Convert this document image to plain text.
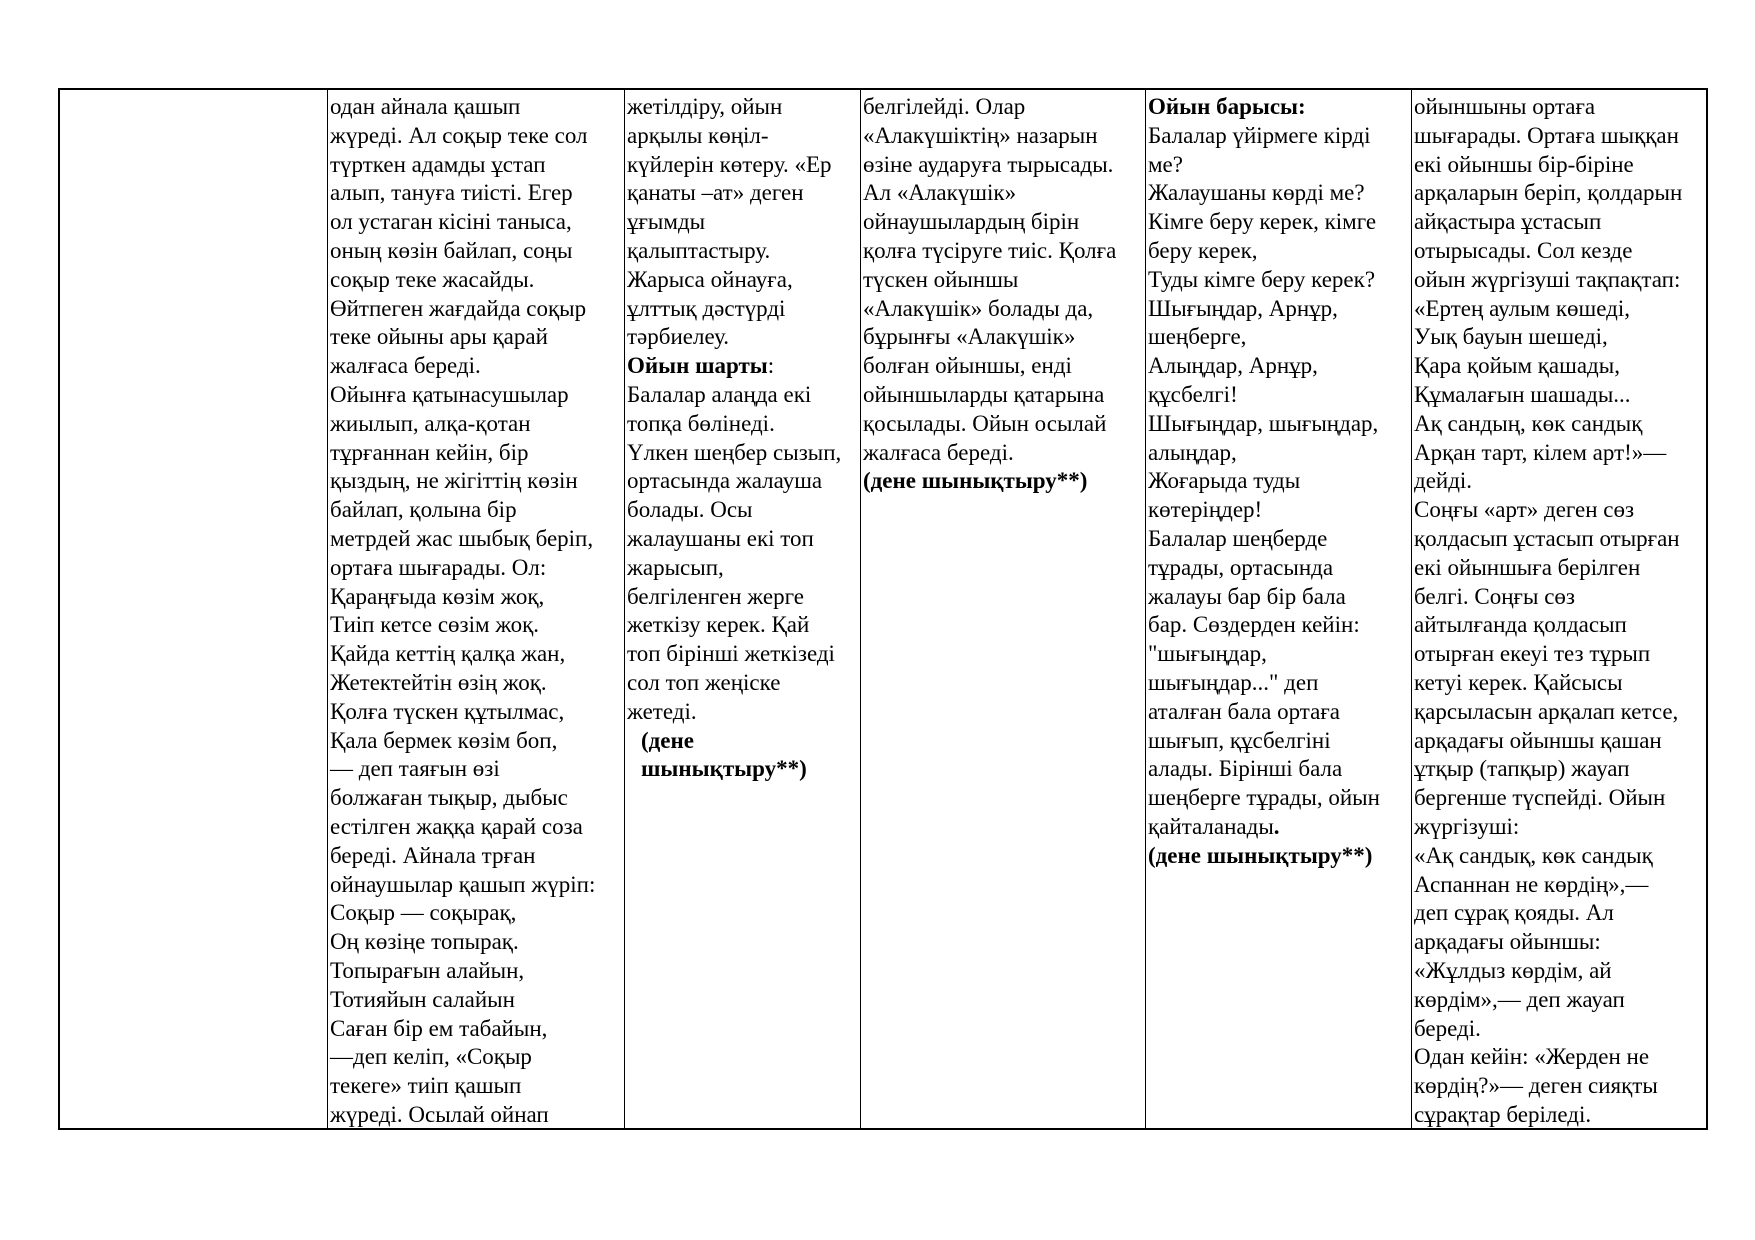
одан айнала қашып
жүреді. Ал соқыр теке сол
түрткен адамды ұстап
алып, тануға тиісті. Егер
ол устаган кісіні таныса,
оның көзін байлап, соңы
соқыр теке жасайды.
Өйтпеген жағдайда соқыр
теке ойыны ары қарай
жалғаса береді.
Ойынға қатынасушылар
жиылып, алқа-қотан
тұрғаннан кейін, бір
қыздың, не жігіттің көзін
байлап, қолына бір
метрдей жас шыбық беріп,
ортаға шығарады. Ол:
Қараңғыда көзім жоқ,
Тиіп кетсе сөзім жоқ.
Қайда кеттің қалқа жан,
Жетектейтін өзің жоқ.
Қолға түскен құтылмас,
Қала бермек көзім боп,
— деп таяғын өзі
болжаған тықыр, дыбыс
естілген жаққа қарай соза
береді. Айнала трған
ойнаушылар қашып жүріп:
Соқыр — соқырақ,
Оң көзіңе топырақ.
Топырағын алайын,
Тотияйын салайын
Саған бір ем табайын,
—деп келіп, «Соқыр
текеге» тиіп қашып
жүреді. Осылай ойнап
жетілдіру, ойын
арқылы көңіл-
күйлерін көтеру. «Ер
қанаты –ат» деген
ұғымды
қалыптастыру.
Жарыса ойнауға,
ұлттық дәстүрді
тәрбиелеу.
Ойын шарты:
Балалар алаңда екі
топқа бөлінеді.
Үлкен шеңбер сызып,
ортасында жалауша
болады. Осы
жалаушаны екі топ
жарысып,
белгіленген жерге
жеткізу керек. Қай
топ бірінші жеткізеді
сол топ жеңіске
жетеді.
(дене
шынықтыру**)
белгілейді. Олар
«Алакүшіктің» назарын
өзіне аударуға тырысады.
Ал «Алакүшік»
ойнаушылардың бірін
қолға түсіруге тиіс. Қолға
түскен ойыншы
«Алакүшік» болады да,
бұрынғы «Алакүшік»
болған ойыншы, енді
ойыншыларды қатарына
қосылады. Ойын осылай
жалғаса береді.
(дене шынықтыру**)
Ойын барысы:
Балалар үйірмеге кірді
ме?
Жалаушаны көрді ме?
Кімге беру керек, кімге
беру керек,
Туды кімге беру керек?
Шығыңдар, Арнұр,
шеңберге,
Алыңдар, Арнұр,
құсбелгі!
Шығыңдар, шығыңдар,
алыңдар,
Жоғарыда туды
көтеріңдер!
Балалар шеңберде
тұрады, ортасында
жалауы бар бір бала
бар. Сөздерден кейін:
"шығыңдар,
шығыңдар..." деп
аталған бала ортаға
шығып, құсбелгіні
алады. Бірінші бала
шеңберге тұрады, ойын
қайталанады.
(дене шынықтыру**)
ойыншыны ортаға
шығарады. Ортаға шыққан
екі ойыншы бір-біріне
арқаларын беріп, қолдарын
айқастыра ұстасып
отырысады. Сол кезде
ойын жүргізуші тақпақтап:
«Ертең аулым көшеді,
Уық бауын шешеді,
Қара қойым қашады,
Құмалағын шашады...
Ақ сандың, көк сандық
Арқан тарт, кілем арт!»—
дейді.
Соңғы «арт» деген сөз
қолдасып ұстасып отырған
екі ойыншыға берілген
белгі. Соңғы сөз
айтылғанда қолдасып
отырған екеуі тез тұрып
кетуі керек. Қайсысы
қарсыласын арқалап кетсе,
арқадағы ойыншы қашан
ұтқыр (тапқыр) жауап
бергенше түспейді. Ойын
жүргізуші:
«Ақ сандық, көк сандық
Аспаннан не көрдің»,—
деп сұрақ қояды. Ал
арқадағы ойыншы:
«Жұлдыз көрдім, ай
көрдім»,— деп жауап
береді.
Одан кейін: «Жерден не
көрдің?»— деген сияқты
сұрақтар беріледі.
